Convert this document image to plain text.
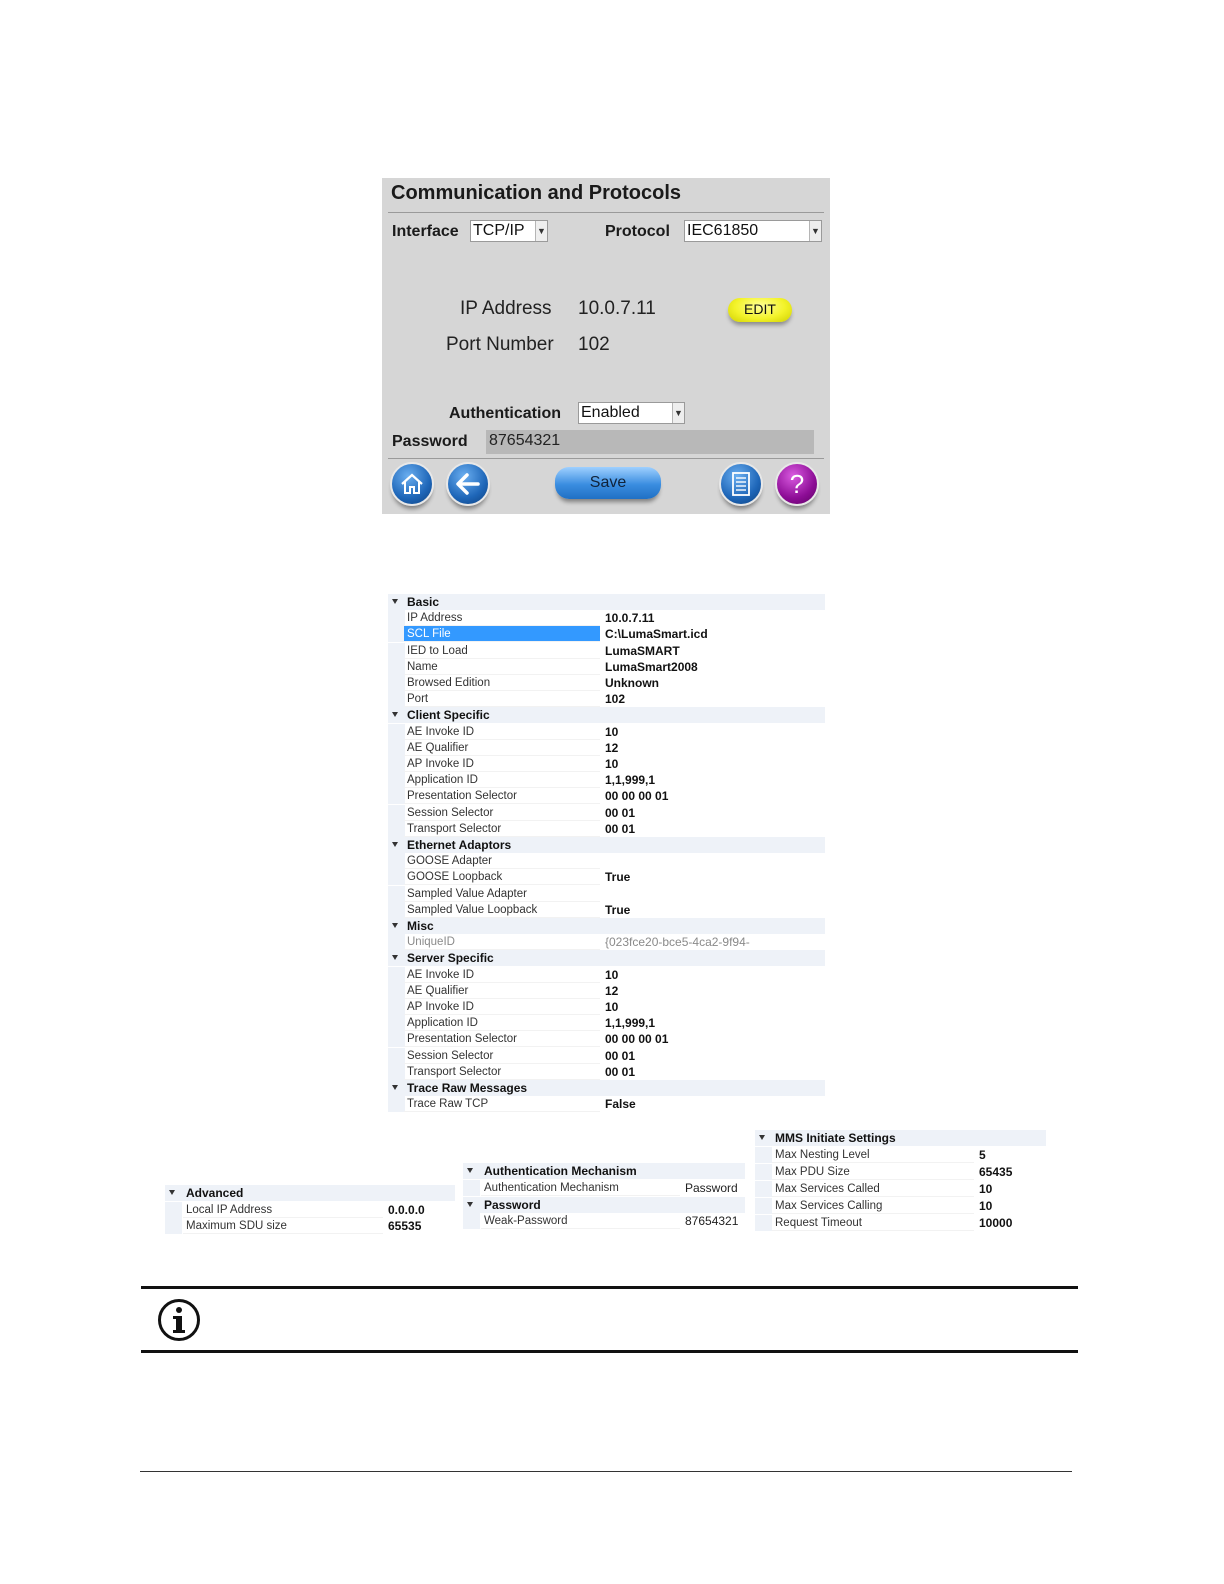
Communication and Protocols
Interface TCP/IP ▼	Protocol IEC61850	▼
IP Address 10.0.7.11	EDIT
Port Number 102
Authentication Enabled	▼
Password 87654321
Save	?
Basic
IP Address	10.0.7.11
SCL File	C:\LumaSmart.icd
IED to Load	LumaSMART
Name	LumaSmart2008
Browsed Edition	Unknown
Port	102
Client Specific
AE Invoke ID	10
AE Qualifier	12
AP Invoke ID	10
Application ID	1,1,999,1
Presentation Selector	00 00 00 01
Session Selector	00 01
Transport Selector	00 01
Ethernet Adaptors
GOOSE Adapter
GOOSE Loopback	True
Sampled Value Adapter
Sampled Value Loopback	True
Misc
UniqueID	{023fce20-bce5-4ca2-9f94-
Server Specific
AE Invoke ID	10
AE Qualifier	12
AP Invoke ID	10
Application ID	1,1,999,1
Presentation Selector	00 00 00 01
Session Selector	00 01
Transport Selector	00 01
Trace Raw Messages
Trace Raw TCP	False
Advanced
Local IP Address	0.0.0.0
Maximum SDU size	65535
Authentication Mechanism
Authentication Mechanism	Password
Password
Weak-Password	87654321
MMS Initiate Settings
Max Nesting Level	5
Max PDU Size	65435
Max Services Called	10
Max Services Calling	10
Request Timeout	10000
